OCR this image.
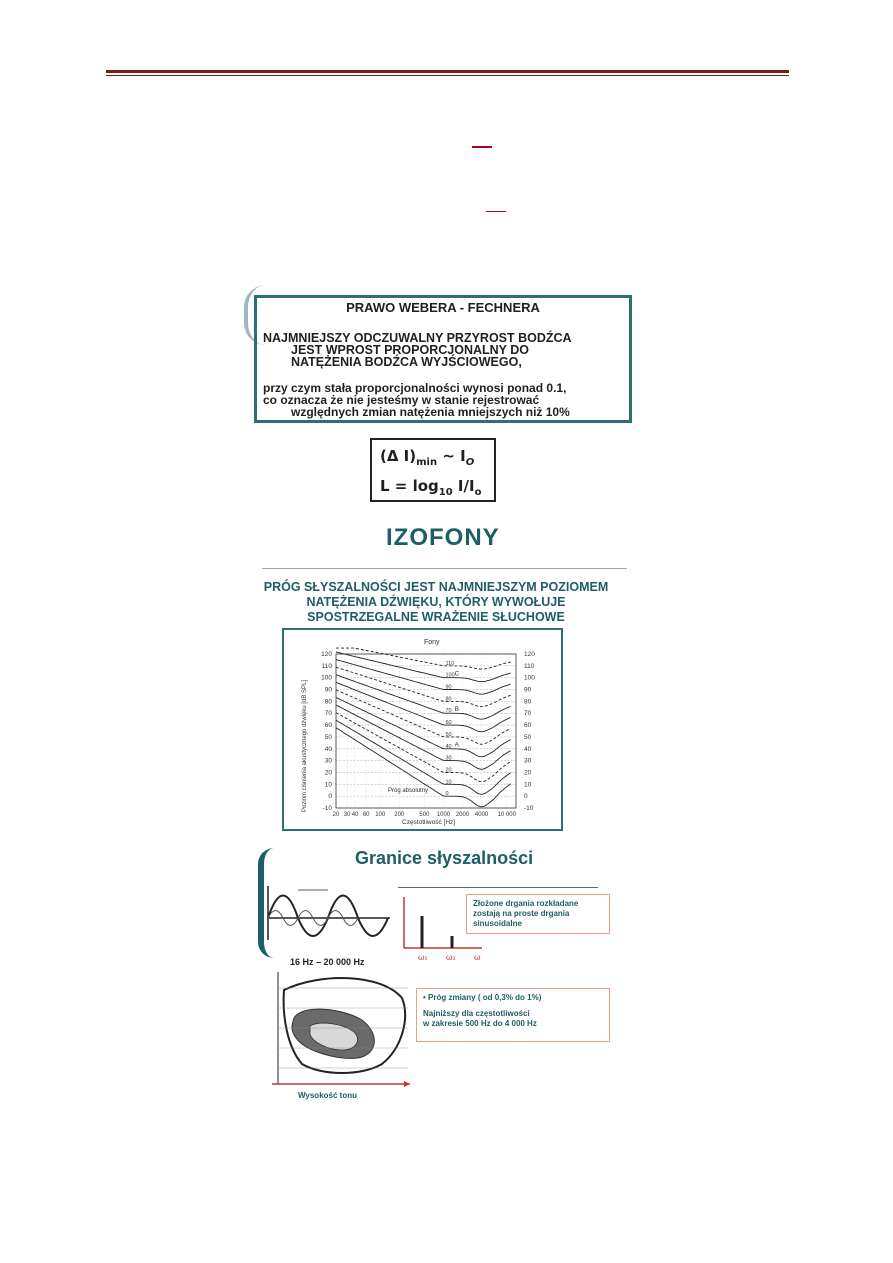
PRAWO WEBERA - FECHNERA
NAJMNIEJSZY ODCZUWALNY PRZYROST BODŹCA
JEST WPROST PROPORCJONALNY DO
NATĘŻENIA BODŹCA WYJŚCIOWEGO,
przy czym stała proporcjonalności wynosi ponad 0.1,
co oznacza że nie jesteśmy w stanie rejestrować
względnych zmian natężenia mniejszych niż 10%
(Δ $I)_{min}$ ~ $I_O$
$L = \log_{10} I/I_o$
IZOFONY
PRÓG SŁYSZALNOŚCI JEST NAJMNIEJSZYM POZIOMEM
NATĘŻENIA DŹWIĘKU, KTÓRY WYWOŁUJE
SPOSTRZEGALNE WRAŻENIE SŁUCHOWE
120
110
100
90
80
70
60
50
40
30
20
10
0
-10
120
110
100
90
80
70
60
50
40
30
20
10
0
-10
20 30 40 60 100 200	500 1000 2000 4000 10 000
110
100
90
80
70
60
50
40
30
20
10
0
C
B
A
Fony
Próg absolutny
Częstotliwość [Hz]
Poziom ciśnienia akustycznego dźwięku [dB SPL]
Granice słyszalności
ω₁ ω₂ ω
Złożone drgania rozkładane
zostają na proste drgania
sinusoidalne
16 Hz – 20 000 Hz
• Próg zmiany ( od 0,3% do 1%)
Najniższy dla częstotliwości
w zakresie 500 Hz do 4 000 Hz
Wysokość tonu
